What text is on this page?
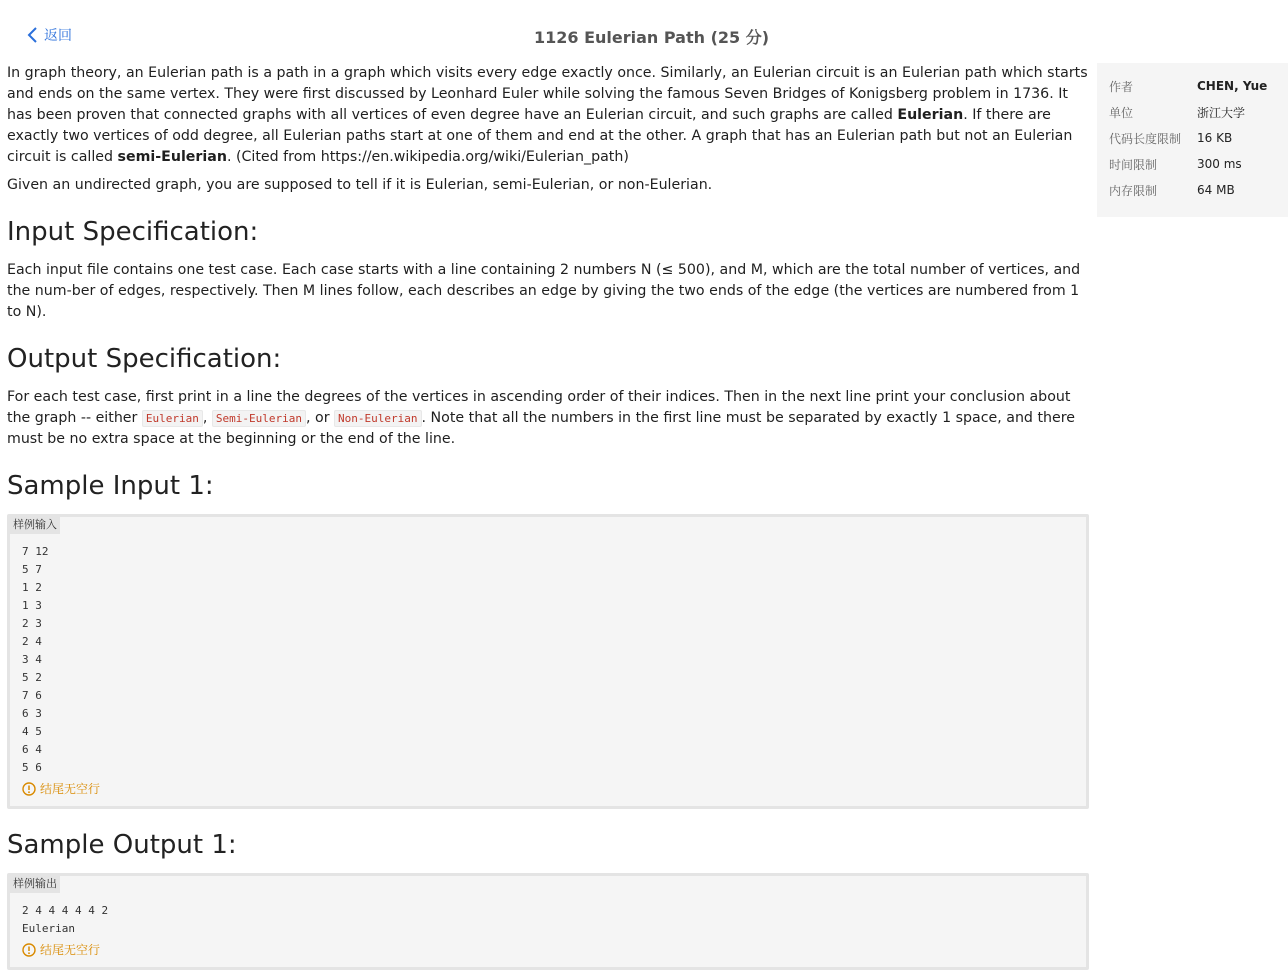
返回	1126 Eulerian Path (25 分)

In graph theory, an Eulerian path is a path in a graph which visits every edge exactly once. Similarly, an Eulerian circuit is an Eulerian path which starts and ends on the same vertex. They were first discussed by Leonhard Euler while solving the famous Seven Bridges of Konigsberg problem in 1736. It has been proven that connected graphs with all vertices of even degree have an Eulerian circuit, and such graphs are called Eulerian. If there are exactly two vertices of odd degree, all Eulerian paths start at one of them and end at the other. A graph that has an Eulerian path but not an Eulerian circuit is called semi-Eulerian. (Cited from https://en.wikipedia.org/wiki/Eulerian_path)

Given an undirected graph, you are supposed to tell if it is Eulerian, semi-Eulerian, or non-Eulerian.

Input Specification:

Each input file contains one test case. Each case starts with a line containing 2 numbers N (≤ 500), and M, which are the total number of vertices, and the num-ber of edges, respectively. Then M lines follow, each describes an edge by giving the two ends of the edge (the vertices are numbered from 1 to N).

Output Specification:

For each test case, first print in a line the degrees of the vertices in ascending order of their indices. Then in the next line print your conclusion about the graph -- either Eulerian , Semi-Eulerian , or Non-Eulerian . Note that all the numbers in the first line must be separated by exactly 1 space, and there must be no extra space at the beginning or the end of the line.

Sample Input 1:
样例输入
7 12
5 7
1 2
1 3
2 3
2 4
3 4
5 2
7 6
6 3
4 5
6 4
5 6
结尾无空行
Sample Output 1:
样例输出
2 4 4 4 4 4 2
Eulerian
结尾无空行
作者	CHEN, Yue
单位	浙江大学
代码长度限制	16 KB
时间限制	300 ms
内存限制	64 MB
